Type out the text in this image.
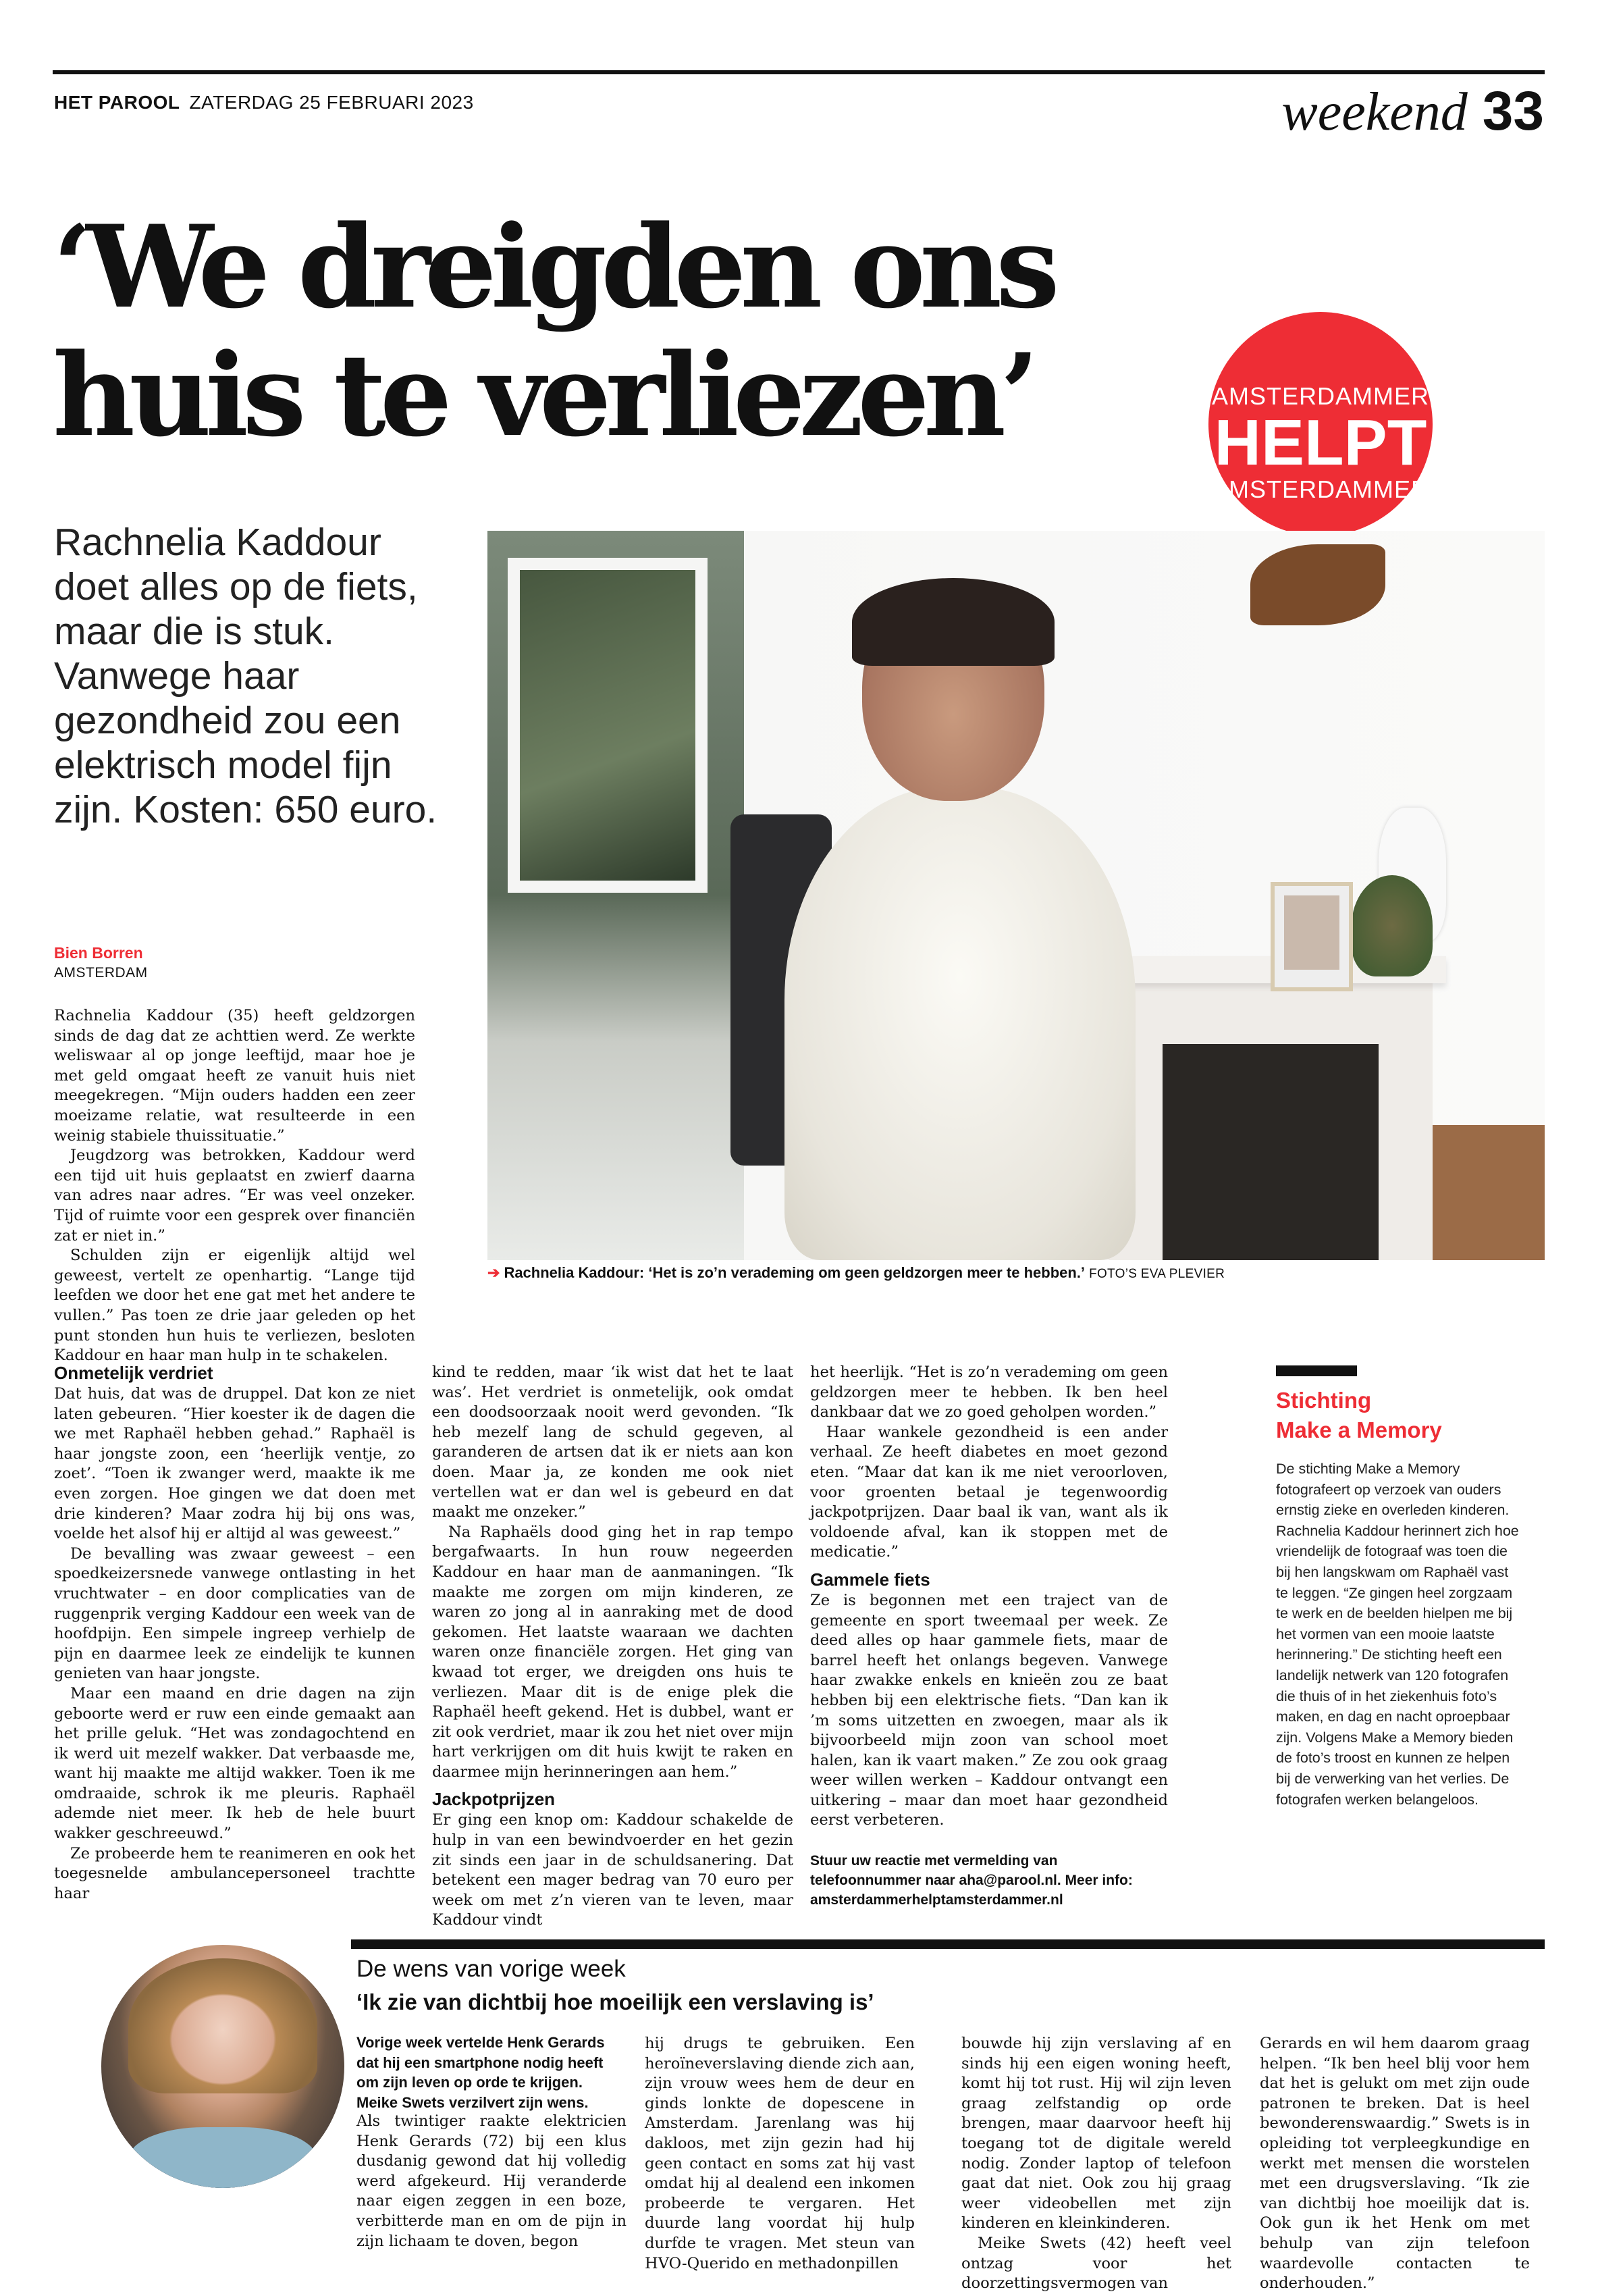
HET PAROOL ZATERDAG 25 FEBRUARI 2023	weekend 33
‘We dreigden ons
huis te verliezen’	AMSTERDAMMER
HELPT
AMSTERDAMMER
Rachnelia Kaddour doet alles op de fiets, maar die is stuk. Vanwege haar gezondheid zou een elektrisch model fijn zijn. Kosten: 650 euro.
➔ Rachnelia Kaddour: ‘Het is zo’n verademing om geen geldzorgen meer te hebben.’ FOTO’S EVA PLEVIER
Bien Borren
AMSTERDAM

Rachnelia Kaddour (35) heeft geldzorgen sinds de dag dat ze achttien werd. Ze werkte weliswaar al op jonge leeftijd, maar hoe je met geld omgaat heeft ze vanuit huis niet meegekregen. “Mijn ouders hadden een zeer moeizame relatie, wat resulteerde in een weinig stabiele thuissituatie.”

Jeugdzorg was betrokken, Kaddour werd een tijd uit huis geplaatst en zwierf daarna van adres naar adres. “Er was veel onzeker. Tijd of ruimte voor een gesprek over financiën zat er niet in.”

Schulden zijn er eigenlijk altijd wel geweest, vertelt ze openhartig. “Lange tijd leefden we door het ene gat met het andere te vullen.” Pas toen ze drie jaar geleden op het punt stonden hun huis te verliezen, besloten Kaddour en haar man hulp in te schakelen.

Onmetelijk verdriet

Dat huis, dat was de druppel. Dat kon ze niet laten gebeuren. “Hier koester ik de dagen die we met Raphaël hebben gehad.” Raphaël is haar jongste zoon, een ‘heerlijk ventje, zo zoet’. “Toen ik zwanger werd, maakte ik me even zorgen. Hoe gingen we dat doen met drie kinderen? Maar zodra hij bij ons was, voelde het alsof hij er altijd al was geweest.”

De bevalling was zwaar geweest – een spoedkeizersnede vanwege ontlasting in het vruchtwater – en door complicaties van de ruggenprik verging Kaddour een week van de hoofdpijn. Een simpele ingreep verhielp de pijn en daarmee leek ze eindelijk te kunnen genieten van haar jongste.

Maar een maand en drie dagen na zijn geboorte werd er ruw een einde gemaakt aan het prille geluk. “Het was zondagochtend en ik werd uit mezelf wakker. Dat verbaasde me, want hij maakte me altijd wakker. Toen ik me omdraaide, schrok ik me pleuris. Raphaël ademde niet meer. Ik heb de hele buurt wakker geschreeuwd.”

Ze probeerde hem te reanimeren en ook het toegesnelde ambulancepersoneel trachtte haar

kind te redden, maar ‘ik wist dat het te laat was’. Het verdriet is onmetelijk, ook omdat een doodsoorzaak nooit werd gevonden. “Ik heb mezelf lang de schuld gegeven, al garanderen de artsen dat ik er niets aan kon doen. Maar ja, ze konden me ook niet vertellen wat er dan wel is gebeurd en dat maakt me onzeker.”

Na Raphaëls dood ging het in rap tempo bergafwaarts. In hun rouw negeerden Kaddour en haar man de aanmaningen. “Ik maakte me zorgen om mijn kinderen, ze waren zo jong al in aanraking met de dood gekomen. Het laatste waaraan we dachten waren onze financiële zorgen. Het ging van kwaad tot erger, we dreigden ons huis te verliezen. Maar dit is de enige plek die Raphaël heeft gekend. Het is dubbel, want er zit ook verdriet, maar ik zou het niet over mijn hart verkrijgen om dit huis kwijt te raken en daarmee mijn herinneringen aan hem.”

Jackpotprijzen

Er ging een knop om: Kaddour schakelde de hulp in van een bewindvoerder en het gezin zit sinds een jaar in de schuldsanering. Dat betekent een mager bedrag van 70 euro per week om met z’n vieren van te leven, maar Kaddour vindt

het heerlijk. “Het is zo’n verademing om geen geldzorgen meer te hebben. Ik ben heel dankbaar dat we zo goed geholpen worden.”

Haar wankele gezondheid is een ander verhaal. Ze heeft diabetes en moet gezond eten. “Maar dat kan ik me niet veroorloven, voor groenten betaal je tegenwoordig jackpotprijzen. Daar baal ik van, want als ik voldoende afval, kan ik stoppen met de medicatie.”

Gammele fiets

Ze is begonnen met een traject van de gemeente en sport tweemaal per week. Ze deed alles op haar gammele fiets, maar de barrel heeft het onlangs begeven. Vanwege haar zwakke enkels en knieën zou ze baat hebben bij een elektrische fiets. “Dan kan ik ’m soms uitzetten en zwoegen, maar als ik bijvoorbeeld mijn zoon van school moet halen, kan ik vaart maken.” Ze zou ook graag weer willen werken – Kaddour ontvangt een uitkering – maar dan moet haar gezondheid eerst verbeteren.

Stuur uw reactie met vermelding van telefoonnummer naar aha@parool.nl. Meer info: amsterdammerhelptamsterdammer.nl
Stichting
Make a Memory
De stichting Make a Memory fotografeert op verzoek van ouders ernstig zieke en overleden kinderen. Rachnelia Kaddour herinnert zich hoe vriendelijk de fotograaf was toen die bij hen langskwam om Raphaël vast te leggen. “Ze gingen heel zorgzaam te werk en de beelden hielpen me bij het vormen van een mooie laatste herinnering.” De stichting heeft een landelijk netwerk van 120 fotografen die thuis of in het ziekenhuis foto’s maken, en dag en nacht oproepbaar zijn. Volgens Make a Memory bieden de foto’s troost en kunnen ze helpen bij de verwerking van het verlies. De fotografen werken belangeloos.
De wens van vorige week
‘Ik zie van dichtbij hoe moeilijk een verslaving is’
Vorige week vertelde Henk Gerards dat hij een smartphone nodig heeft om zijn leven op orde te krijgen. Meike Swets verzilvert zijn wens.

Als twintiger raakte elektricien Henk Gerards (72) bij een klus dusdanig gewond dat hij volledig werd afgekeurd. Hij veranderde naar eigen zeggen in een boze, verbitterde man en om de pijn in zijn lichaam te doven, begon

hij drugs te gebruiken. Een heroïneverslaving diende zich aan, zijn vrouw wees hem de deur en ginds lonkte de dopescene in Amsterdam. Jarenlang was hij dakloos, met zijn gezin had hij geen contact en soms zat hij vast omdat hij al dealend een inkomen probeerde te vergaren. Het duurde lang voordat hij hulp durfde te vragen. Met steun van HVO-Querido en methadonpillen

bouwde hij zijn verslaving af en sinds hij een eigen woning heeft, komt hij tot rust. Hij wil zijn leven graag zelfstandig op orde brengen, maar daarvoor heeft hij toegang tot de digitale wereld nodig. Zonder laptop of telefoon gaat dat niet. Ook zou hij graag weer videobellen met zijn kinderen en kleinkinderen.

Meike Swets (42) heeft veel ontzag voor het doorzettingsvermogen van

Gerards en wil hem daarom graag helpen. “Ik ben heel blij voor hem dat het is gelukt om met zijn oude patronen te breken. Dat is heel bewonderenswaardig.” Swets is in opleiding tot verpleegkundige en werkt met mensen die worstelen met een drugsverslaving. “Ik zie van dichtbij hoe moeilijk dat is. Ook gun ik het Henk om met behulp van zijn telefoon waardevolle contacten te onderhouden.”
